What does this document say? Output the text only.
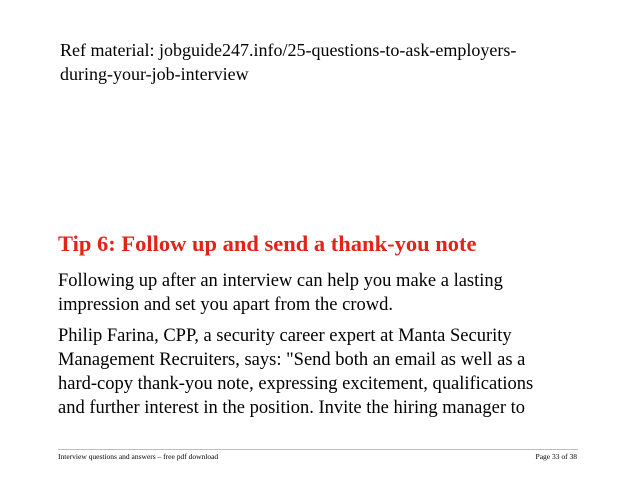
Ref material: jobguide247.info/25-questions-to-ask-employers-
during-your-job-interview

Tip 6: Follow up and send a thank-you note

Following up after an interview can help you make a lasting
impression and set you apart from the crowd.

Philip Farina, CPP, a security career expert at Manta Security
Management Recruiters, says: "Send both an email as well as a
hard-copy thank-you note, expressing excitement, qualifications
and further interest in the position. Invite the hiring manager to

Interview questions and answers – free pdf download	Page 33 of 38
